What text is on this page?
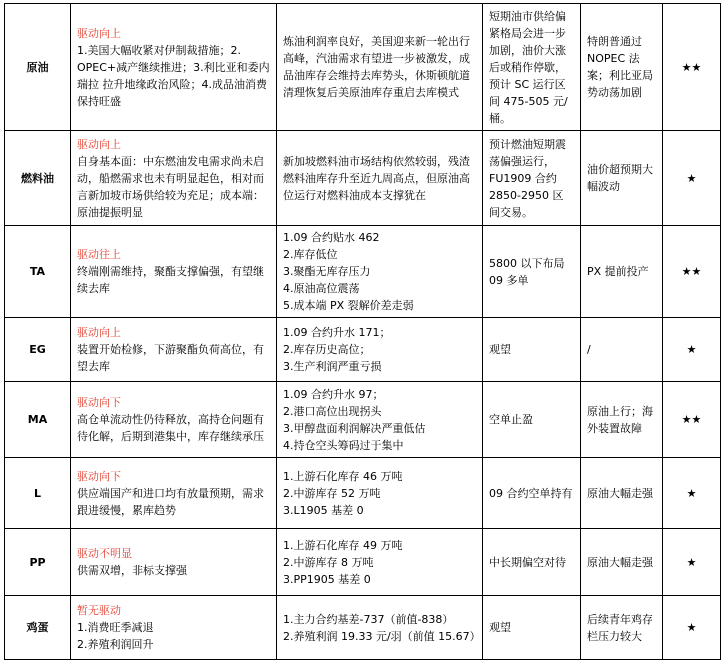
原油	驱动向上
1.美国大幅收紧对伊制裁措施；2. OPEC+减产继续推进；3.利比亚和委内瑞拉 拉升地缘政治风险；4.成品油消费保持旺盛	炼油利润率良好，美国迎来新一轮出行高峰，汽油需求有望进一步被激发，成品油库存会维持去库势头，休斯顿航道清理恢复后美原油库存重启去库模式	短期油市供给偏紧格局会进一步加剧，油价大涨后或稍作停歇，预计 SC 运行区间 475-505 元/桶。	特朗普通过 NOPEC 法案；利比亚局势动荡加剧	★★
燃料油	驱动向上
自身基本面：中东燃油发电需求尚未启动，船燃需求也未有明显起色，相对而言新加坡市场供给较为充足；成本端：原油提振明显	新加坡燃料油市场结构依然较弱，残渣燃料油库存升至近九周高点，但原油高位运行对燃料油成本支撑犹在	预计燃油短期震荡偏强运行，FU1909 合约 2850-2950 区间交易。	油价超预期大幅波动	★
TA	驱动往上
终端刚需维持，聚酯支撑偏强，有望继续去库	1.09 合约贴水 462
2.库存低位
3.聚酯无库存压力
4.原油高位震荡
5.成本端 PX 裂解价差走弱	5800 以下布局 09 多单	PX 提前投产	★★
EG	驱动向上
装置开始检修，下游聚酯负荷高位，有望去库	1.09 合约升水 171；
2.库存历史高位；
3.生产利润严重亏损	观望	/	★
MA	驱动向下
高仓单流动性仍待释放，高持仓问题有待化解，后期到港集中，库存继续承压	1.09 合约升水 97；
2.港口高位出现拐头
3.甲醇盘面利润解决严重低估
4.持仓空头筹码过于集中	空单止盈	原油上行；海外装置故障	★★
L	驱动向下
供应端国产和进口均有放量预期，需求跟进缓慢，累库趋势	1.上游石化库存 46 万吨
2.中游库存 52 万吨
3.L1905 基差 0	09 合约空单持有	原油大幅走强	★
PP	驱动不明显
供需双增，非标支撑强	1.上游石化库存 49 万吨
2.中游库存 8 万吨
3.PP1905 基差 0	中长期偏空对待	原油大幅走强	★
鸡蛋	暂无驱动
1.消费旺季减退
2.养殖利润回升	1.主力合约基差-737（前值-838）
2.养殖利润 19.33 元/羽（前值 15.67）	观望	后续青年鸡存栏压力较大	★
